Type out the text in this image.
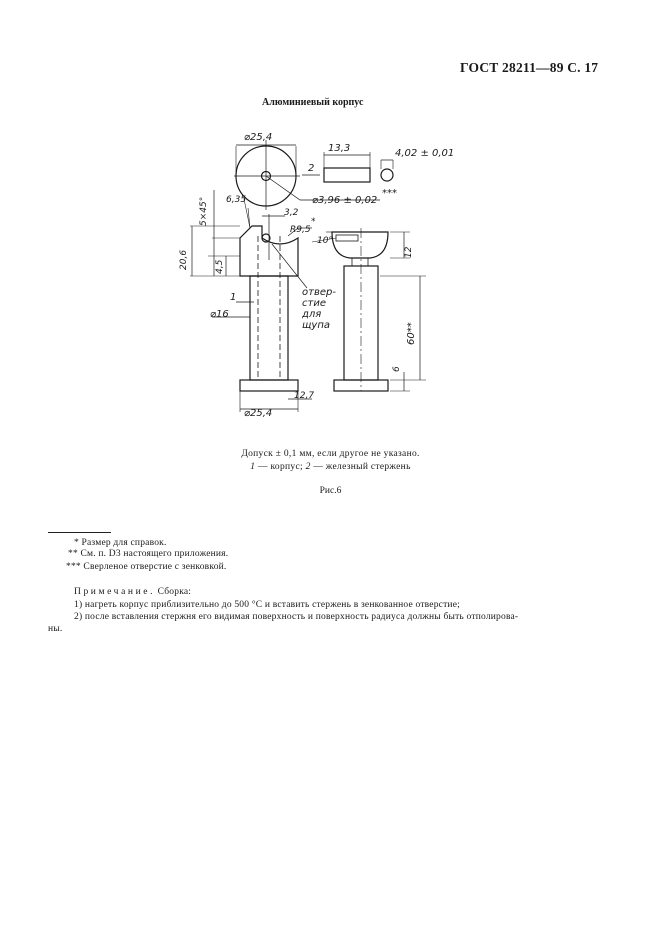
ГОСТ 28211—89 С. 17
Алюминиевый корпус
⌀25,4
13,3	4,02 ± 0,01
2
⌀3,96 ± 0,02
***
5×45° 6,35
3,2
R9,5
*
10°
20,6	4,5
12
60**
6
12,7
⌀25,4
⌀16
1	отвер-
стие
для
щупа
Допуск ± 0,1 мм, если другое не указано.
1 — корпус; 2 — железный стержень
Рис.6
* Размер для справок.
** См. п. D3 настоящего приложения.
*** Сверленое отверстие с зенковкой.
Примечание. Сборка:
1) нагреть корпус приблизительно до 500 °С и вставить стержень в зенкованное отверстие;
2) после вставления стержня его видимая поверхность и поверхность радиуса должны быть отполирова-
ны.
